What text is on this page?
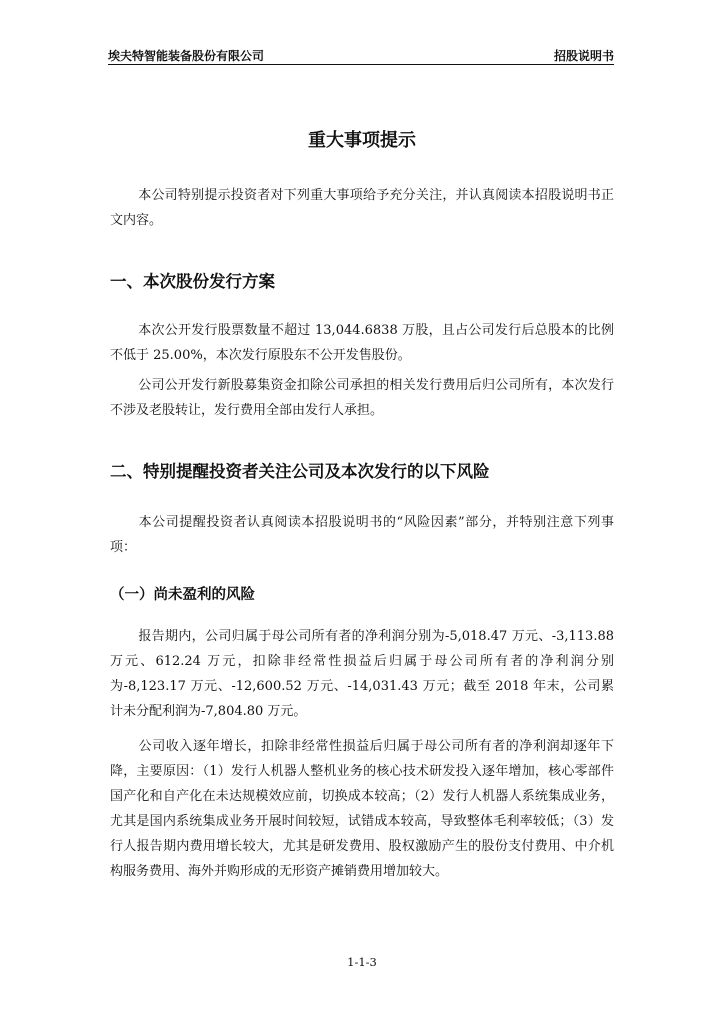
埃夫特智能装备股份有限公司	招股说明书
重大事项提示
本公司特别提示投资者对下列重大事项给予充分关注，并认真阅读本招股说明书正文内容。
一、本次股份发行方案
本次公开发行股票数量不超过 13,044.6838 万股，且占公司发行后总股本的比例不低于 25.00%，本次发行原股东不公开发售股份。
公司公开发行新股募集资金扣除公司承担的相关发行费用后归公司所有，本次发行不涉及老股转让，发行费用全部由发行人承担。
二、特别提醒投资者关注公司及本次发行的以下风险
本公司提醒投资者认真阅读本招股说明书的“风险因素”部分，并特别注意下列事项：
（一）尚未盈利的风险
报告期内，公司归属于母公司所有者的净利润分别为-5,018.47 万元、-3,113.88 万元、612.24 万元，扣除非经常性损益后归属于母公司所有者的净利润分别为-8,123.17 万元、-12,600.52 万元、-14,031.43 万元；截至 2018 年末，公司累计未分配利润为-7,804.80 万元。
公司收入逐年增长，扣除非经常性损益后归属于母公司所有者的净利润却逐年下降，主要原因：（1）发行人机器人整机业务的核心技术研发投入逐年增加，核心零部件国产化和自产化在未达规模效应前，切换成本较高；（2）发行人机器人系统集成业务，尤其是国内系统集成业务开展时间较短，试错成本较高，导致整体毛利率较低；（3）发行人报告期内费用增长较大，尤其是研发费用、股权激励产生的股份支付费用、中介机构服务费用、海外并购形成的无形资产摊销费用增加较大。
1-1-3
